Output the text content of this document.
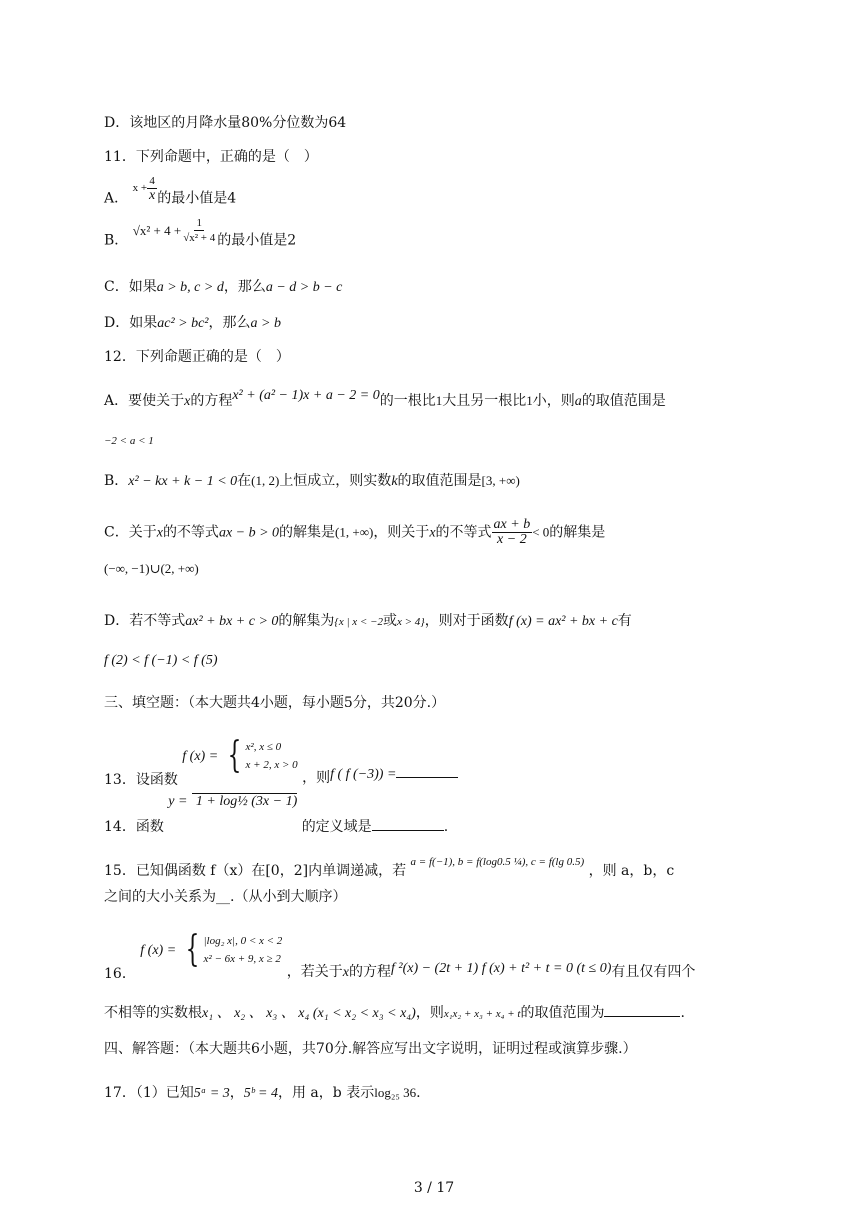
D．该地区的月降水量80%分位数为64
11．下列命题中，正确的是（　）
A． $^{x +} \frac{4}{x}$ 的最小值是4
B． $√x^2 + 4 + \frac{1}{\text{√x² + 4}}$ 的最小值是2
C．如果a > b, c > d，那么a − d > b − c
D．如果ac² > bc²，那么a > b
12．下列命题正确的是（　）
A．要使关于x的方程x² + (a² − 1)x + a − 2 = 0的一根比1大且另一根比1小，则a的取值范围是
−2 < a < 1
B．x² − kx + k − 1 < 0在(1, 2)上恒成立，则实数k的取值范围是[3, +∞)
C．关于x的不等式ax − b > 0的解集是(1, +∞)，则关于x的不等式 $\frac{ax + b}{x - 2} < 0$的解集是
(−∞, −1)∪(2, +∞)
D．若不等式ax² + bx + c > 0的解集为{x | x < −2或x > 4}，则对于函数f (x) = ax² + bx + c有
f (2) < f (−1) < f (5)
三、填空题：（本大题共4小题，每小题5分，共20分.）
13．设函数 f (x) = { x², x ≤ 0
x + 2, x > 0
，则f ( f (−3)) =
14．函数 y = 1 + log½ (3x − 1) 的定义域是	.
15．已知偶函数 f（x）在[0，2]内单调递减，若 a = f(−1), b = f(log0.5 ¼), c = f(lg 0.5) ，则 a，b，c
之间的大小关系为__.（从小到大顺序）
16． f (x) = { |log₂ x|, 0 < x < 2
x² − 6x + 9, x ≥ 2
，若关于x的方程f ²(x) − (2t + 1) f (x) + t² + t = 0 (t ≤ 0)有且仅有四个
不相等的实数根x₁ 、 x₂ 、 x₃ 、 x₄ (x₁ < x₂ < x₃ < x₄)，则x₁x₂ + x₃ + x₄ + t的取值范围为	.
四、解答题：（本大题共6小题，共70分.解答应写出文字说明，证明过程或演算步骤.）
17．（1）已知5ᵃ = 3，5ᵇ = 4，用 a，b 表示log₂₅ 36.
3 / 17
